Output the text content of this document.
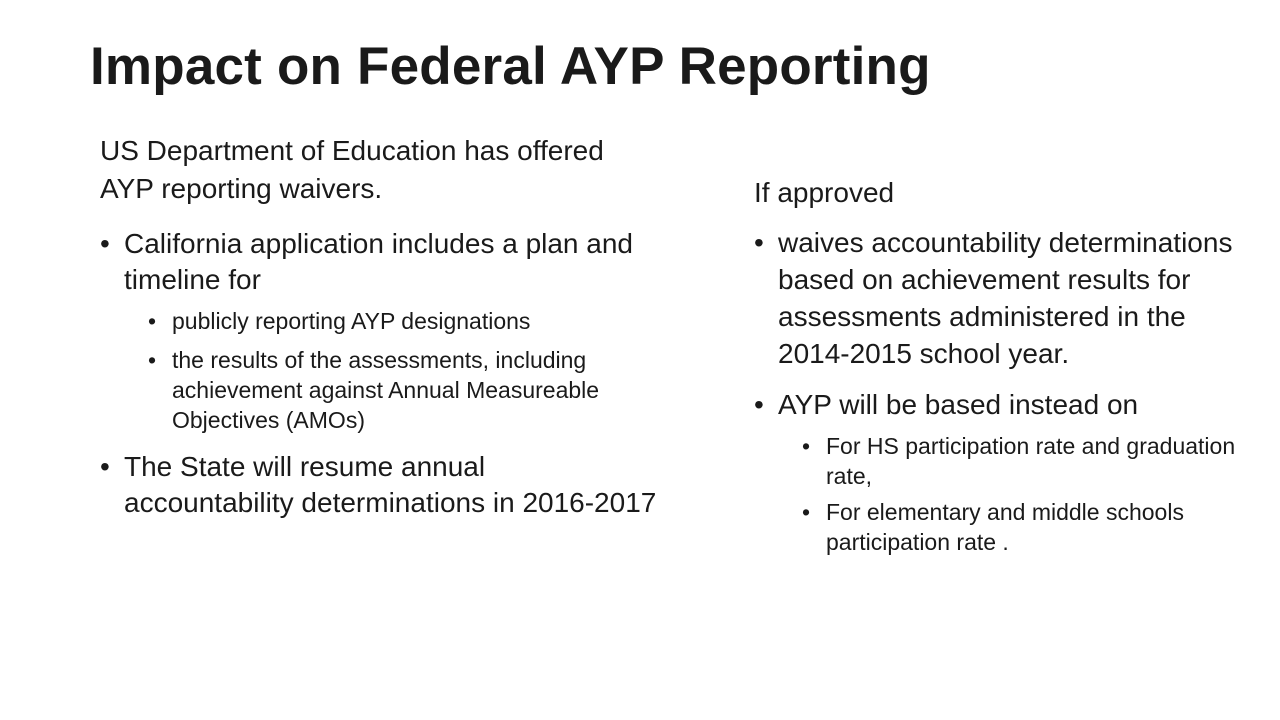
Impact on Federal AYP Reporting

US Department of Education has offered AYP reporting waivers.

• California application includes a plan and timeline for
• publicly reporting AYP designations
• the results of the assessments, including achievement against Annual Measureable Objectives (AMOs)
• The State will resume annual accountability determinations in 2016-2017

If approved

• waives accountability determinations based on achievement results for assessments administered in the 2014-2015 school year.
• AYP will be based instead on
• For HS participation rate and graduation rate,
• For elementary and middle schools participation rate .
